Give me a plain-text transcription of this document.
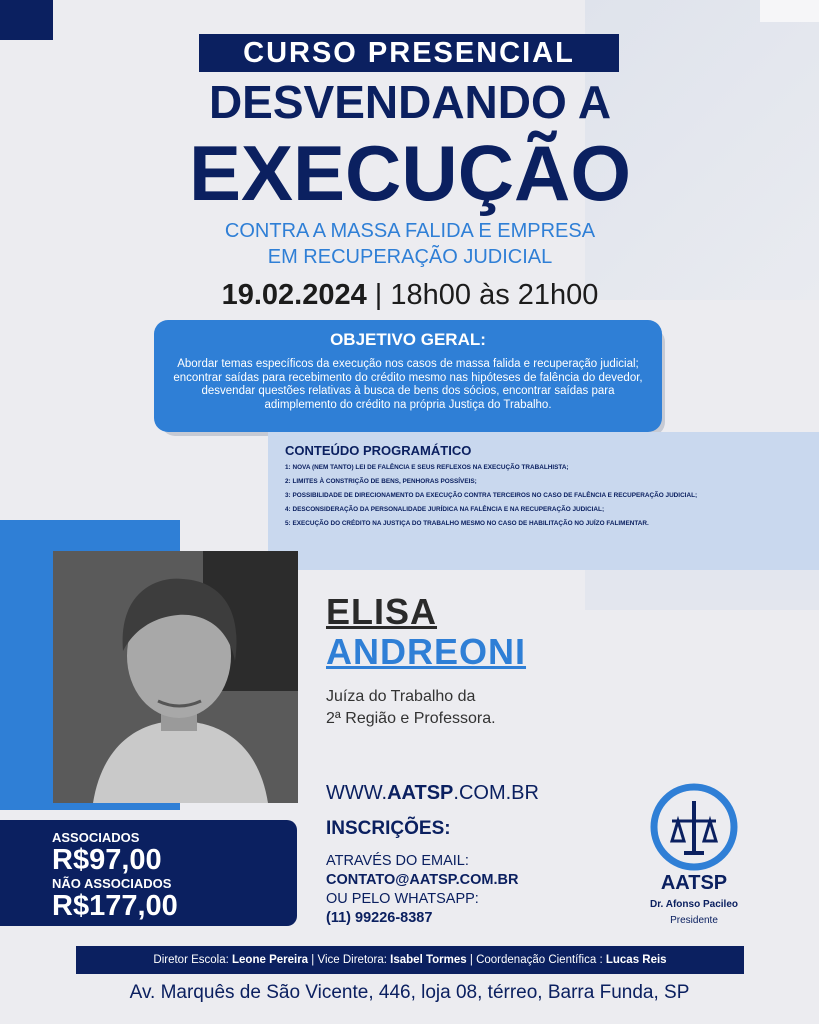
CURSO PRESENCIAL
DESVENDANDO A
EXECUÇÃO
CONTRA A MASSA FALIDA E EMPRESA
EM RECUPERAÇÃO JUDICIAL
19.02.2024 | 18h00 às 21h00
OBJETIVO GERAL:
Abordar temas específicos da execução nos casos de massa falida e recuperação judicial; encontrar saídas para recebimento do crédito mesmo nas hipóteses de falência do devedor, desvendar questões relativas à busca de bens dos sócios, encontrar saídas para adimplemento do crédito na própria Justiça do Trabalho.
CONTEÚDO PROGRAMÁTICO
1: NOVA (NEM TANTO) LEI DE FALÊNCIA E SEUS REFLEXOS NA EXECUÇÃO TRABALHISTA;
2: LIMITES À CONSTRIÇÃO DE BENS, PENHORAS POSSÍVEIS;
3: POSSIBILIDADE DE DIRECIONAMENTO DA EXECUÇÃO CONTRA TERCEIROS NO CASO DE FALÊNCIA E RECUPERAÇÃO JUDICIAL;
4: DESCONSIDERAÇÃO DA PERSONALIDADE JURÍDICA NA FALÊNCIA E NA RECUPERAÇÃO JUDICIAL;
5: EXECUÇÃO DO CRÉDITO NA JUSTIÇA DO TRABALHO MESMO NO CASO DE HABILITAÇÃO NO JUÍZO FALIMENTAR.
ELISA
ANDREONI
Juíza do Trabalho da
2ª Região e Professora.
WWW.AATSP.COM.BR
INSCRIÇÕES:
ATRAVÉS DO EMAIL:
CONTATO@AATSP.COM.BR
OU PELO WHATSAPP:
(11) 99226-8387
ASSOCIADOS
R$97,00
NÃO ASSOCIADOS
R$177,00
AATSP
Dr. Afonso Pacileo
Presidente
Diretor Escola: Leone Pereira | Vice Diretora: Isabel Tormes | Coordenação Científica : Lucas Reis
Av. Marquês de São Vicente, 446, loja 08, térreo, Barra Funda, SP
